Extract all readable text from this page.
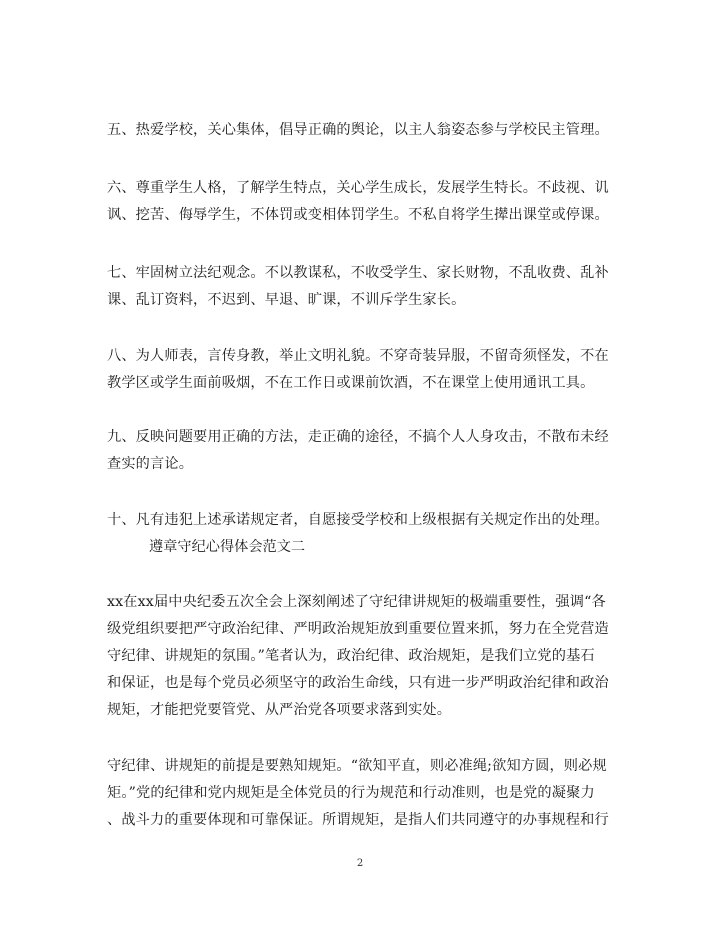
五、热爱学校，关心集体，倡导正确的舆论，以主人翁姿态参与学校民主管理。
六、尊重学生人格，了解学生特点，关心学生成长，发展学生特长。不歧视、讥
讽、挖苦、侮辱学生，不体罚或变相体罚学生。不私自将学生撵出课堂或停课。
七、牢固树立法纪观念。不以教谋私，不收受学生、家长财物，不乱收费、乱补
课、乱订资料，不迟到、早退、旷课，不训斥学生家长。
八、为人师表，言传身教，举止文明礼貌。不穿奇装异服，不留奇须怪发，不在
教学区或学生面前吸烟，不在工作日或课前饮酒，不在课堂上使用通讯工具。
九、反映问题要用正确的方法，走正确的途径，不搞个人人身攻击，不散布未经
查实的言论。
十、凡有违犯上述承诺规定者，自愿接受学校和上级根据有关规定作出的处理。
遵章守纪心得体会范文二
xx在xx届中央纪委五次全会上深刻阐述了守纪律讲规矩的极端重要性，强调“各
级党组织要把严守政治纪律、严明政治规矩放到重要位置来抓，努力在全党营造
守纪律、讲规矩的氛围。”笔者认为，政治纪律、政治规矩，是我们立党的基石
和保证，也是每个党员必须坚守的政治生命线，只有进一步严明政治纪律和政治
规矩，才能把党要管党、从严治党各项要求落到实处。
守纪律、讲规矩的前提是要熟知规矩。“欲知平直，则必准绳;欲知方圆，则必规
矩。”党的纪律和党内规矩是全体党员的行为规范和行动准则，也是党的凝聚力
、战斗力的重要体现和可靠保证。所谓规矩，是指人们共同遵守的办事规程和行
2
